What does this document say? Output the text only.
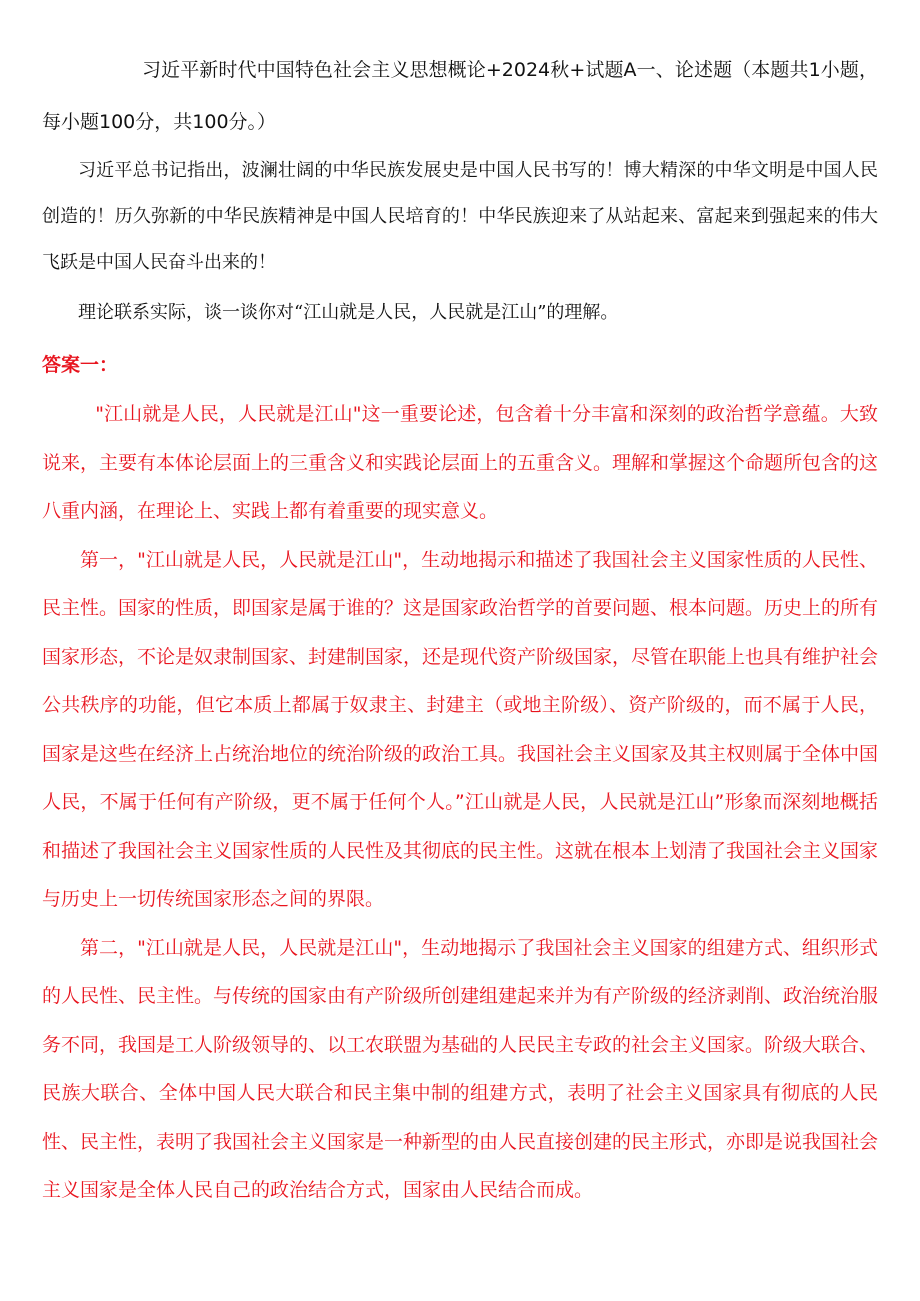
习近平新时代中国特色社会主义思想概论+2024秋+试题A一、论述题（本题共1小题，每小题100分，共100分。）

习近平总书记指出，波澜壮阔的中华民族发展史是中国人民书写的！博大精深的中华文明是中国人民创造的！历久弥新的中华民族精神是中国人民培育的！中华民族迎来了从站起来、富起来到强起来的伟大飞跃是中国人民奋斗出来的！

理论联系实际，谈一谈你对“江山就是人民，人民就是江山”的理解。

答案一：

"江山就是人民，人民就是江山"这一重要论述，包含着十分丰富和深刻的政治哲学意蕴。大致说来，主要有本体论层面上的三重含义和实践论层面上的五重含义。理解和掌握这个命题所包含的这八重内涵，在理论上、实践上都有着重要的现实意义。

第一，"江山就是人民，人民就是江山"，生动地揭示和描述了我国社会主义国家性质的人民性、民主性。国家的性质，即国家是属于谁的？这是国家政治哲学的首要问题、根本问题。历史上的所有国家形态，不论是奴隶制国家、封建制国家，还是现代资产阶级国家，尽管在职能上也具有维护社会公共秩序的功能，但它本质上都属于奴隶主、封建主（或地主阶级）、资产阶级的，而不属于人民，国家是这些在经济上占统治地位的统治阶级的政治工具。我国社会主义国家及其主权则属于全体中国人民，不属于任何有产阶级，更不属于任何个人。”江山就是人民，人民就是江山”形象而深刻地概括和描述了我国社会主义国家性质的人民性及其彻底的民主性。这就在根本上划清了我国社会主义国家与历史上一切传统国家形态之间的界限。

第二，"江山就是人民，人民就是江山"，生动地揭示了我国社会主义国家的组建方式、组织形式的人民性、民主性。与传统的国家由有产阶级所创建组建起来并为有产阶级的经济剥削、政治统治服务不同，我国是工人阶级领导的、以工农联盟为基础的人民民主专政的社会主义国家。阶级大联合、民族大联合、全体中国人民大联合和民主集中制的组建方式，表明了社会主义国家具有彻底的人民性、民主性，表明了我国社会主义国家是一种新型的由人民直接创建的民主形式，亦即是说我国社会主义国家是全体人民自己的政治结合方式，国家由人民结合而成。
